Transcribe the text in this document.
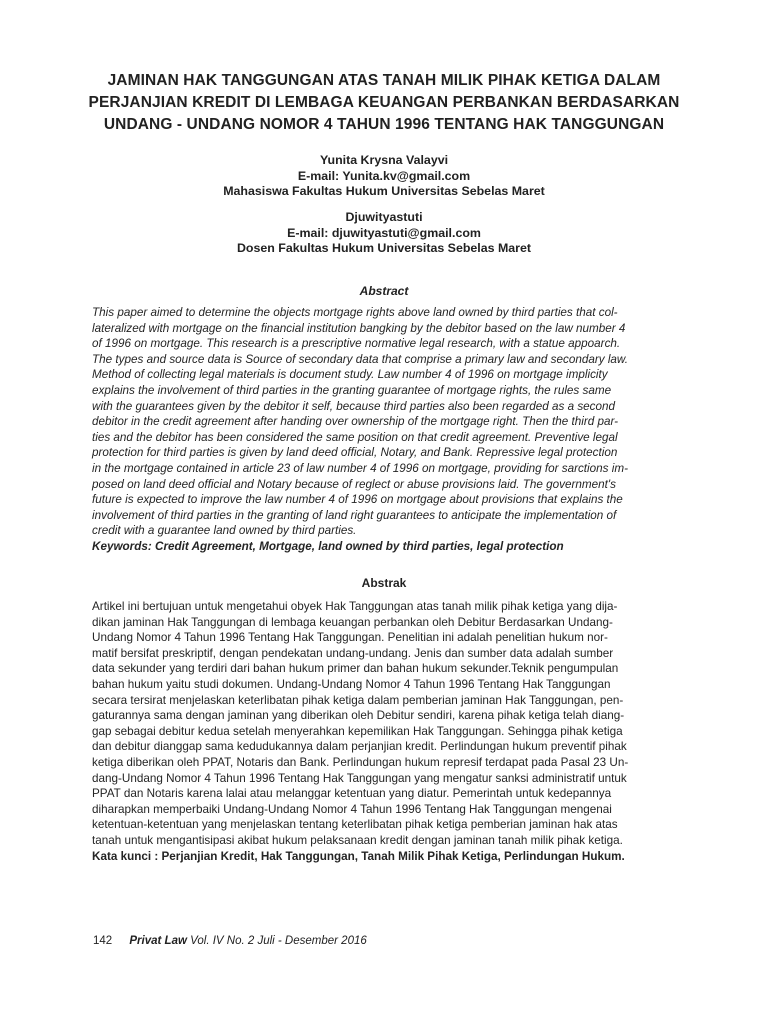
JAMINAN HAK TANGGUNGAN ATAS TANAH MILIK PIHAK KETIGA DALAM
PERJANJIAN KREDIT DI LEMBAGA KEUANGAN PERBANKAN BERDASARKAN
UNDANG - UNDANG NOMOR 4 TAHUN 1996 TENTANG HAK TANGGUNGAN
Yunita Krysna Valayvi
E-mail: Yunita.kv@gmail.com
Mahasiswa Fakultas Hukum Universitas Sebelas Maret
Djuwityastuti
E-mail: djuwityastuti@gmail.com
Dosen Fakultas Hukum Universitas Sebelas Maret
Abstract
This paper aimed to determine the objects mortgage rights above land owned by third parties that col-
lateralized with mortgage on the financial institution bangking by the debitor based on the law number 4
of 1996 on mortgage. This research is a prescriptive normative legal research, with a statue appoarch.
The types and source data is Source of secondary data that comprise a primary law and secondary law.
Method of collecting legal materials is document study. Law number 4 of 1996 on mortgage implicity
explains the involvement of third parties in the granting guarantee of mortgage rights, the rules same
with the guarantees given by the debitor it self, because third parties also been regarded as a second
debitor in the credit agreement after handing over ownership of the mortgage right. Then the third par-
ties and the debitor has been considered the same position on that credit agreement. Preventive legal
protection for third parties is given by land deed official, Notary, and Bank. Repressive legal protection
in the mortgage contained in article 23 of law number 4 of 1996 on mortgage, providing for sarctions im-
posed on land deed official and Notary because of reglect or abuse provisions laid. The government's
future is expected to improve the law number 4 of 1996 on mortgage about provisions that explains the
involvement of third parties in the granting of land right guarantees to anticipate the implementation of
credit with a guarantee land owned by third parties.
Keywords: Credit Agreement, Mortgage, land owned by third parties, legal protection
Abstrak
Artikel ini bertujuan untuk mengetahui obyek Hak Tanggungan atas tanah milik pihak ketiga yang dija-
dikan jaminan Hak Tanggungan di lembaga keuangan perbankan oleh Debitur Berdasarkan Undang-
Undang Nomor 4 Tahun 1996 Tentang Hak Tanggungan. Penelitian ini adalah penelitian hukum nor-
matif bersifat preskriptif, dengan pendekatan undang-undang. Jenis dan sumber data adalah sumber
data sekunder yang terdiri dari bahan hukum primer dan bahan hukum sekunder.Teknik pengumpulan
bahan hukum yaitu studi dokumen. Undang-Undang Nomor 4 Tahun 1996 Tentang Hak Tanggungan
secara tersirat menjelaskan keterlibatan pihak ketiga dalam pemberian jaminan Hak Tanggungan, pen-
gaturannya sama dengan jaminan yang diberikan oleh Debitur sendiri, karena pihak ketiga telah diang-
gap sebagai debitur kedua setelah menyerahkan kepemilikan Hak Tanggungan. Sehingga pihak ketiga
dan debitur dianggap sama kedudukannya dalam perjanjian kredit. Perlindungan hukum preventif pihak
ketiga diberikan oleh PPAT, Notaris dan Bank. Perlindungan hukum represif terdapat pada Pasal 23 Un-
dang-Undang Nomor 4 Tahun 1996 Tentang Hak Tanggungan yang mengatur sanksi administratif untuk
PPAT dan Notaris karena lalai atau melanggar ketentuan yang diatur. Pemerintah untuk kedepannya
diharapkan memperbaiki Undang-Undang Nomor 4 Tahun 1996 Tentang Hak Tanggungan mengenai
ketentuan-ketentuan yang menjelaskan tentang keterlibatan pihak ketiga pemberian jaminan hak atas
tanah untuk mengantisipasi akibat hukum pelaksanaan kredit dengan jaminan tanah milik pihak ketiga.
Kata kunci : Perjanjian Kredit, Hak Tanggungan, Tanah Milik Pihak Ketiga, Perlindungan Hukum.
142 Privat Law Vol. IV No. 2 Juli - Desember 2016
